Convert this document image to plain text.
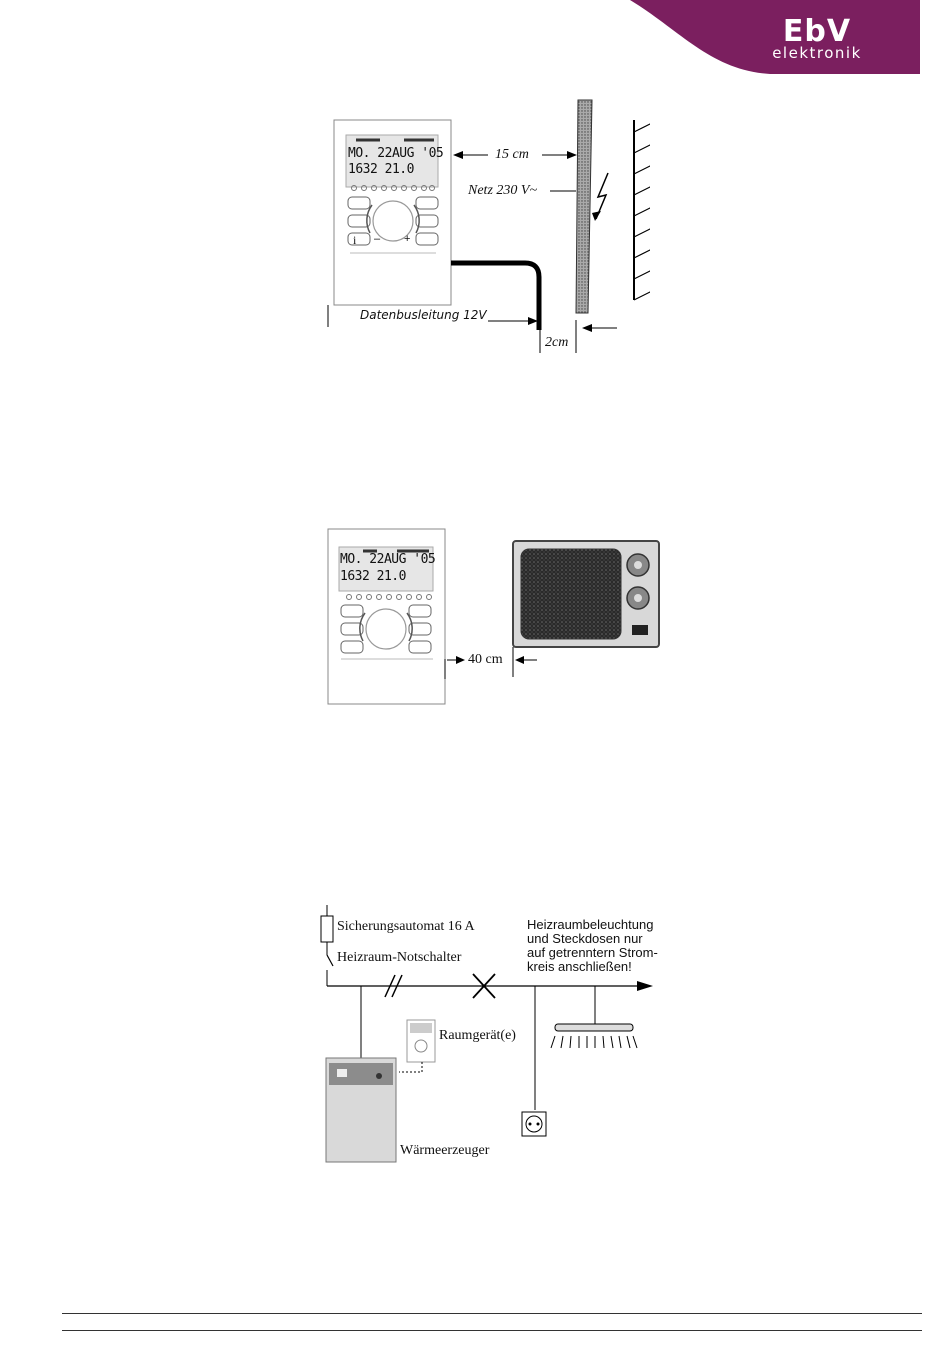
EbV
elektronik
MO. 22AUG '05
1632 21.0
– +
i
15 cm
Netz 230 V~
Datenbusleitung 12V
2cm
MO. 22AUG '05
1632 21.0
40 cm
Sicherungsautomat 16 A
Heizraum-Notschalter
Raumgerät(e)
Wärmeerzeuger
Heizraumbeleuchtung
und Steckdosen nur
auf getrenntern Strom-
kreis anschließen!
